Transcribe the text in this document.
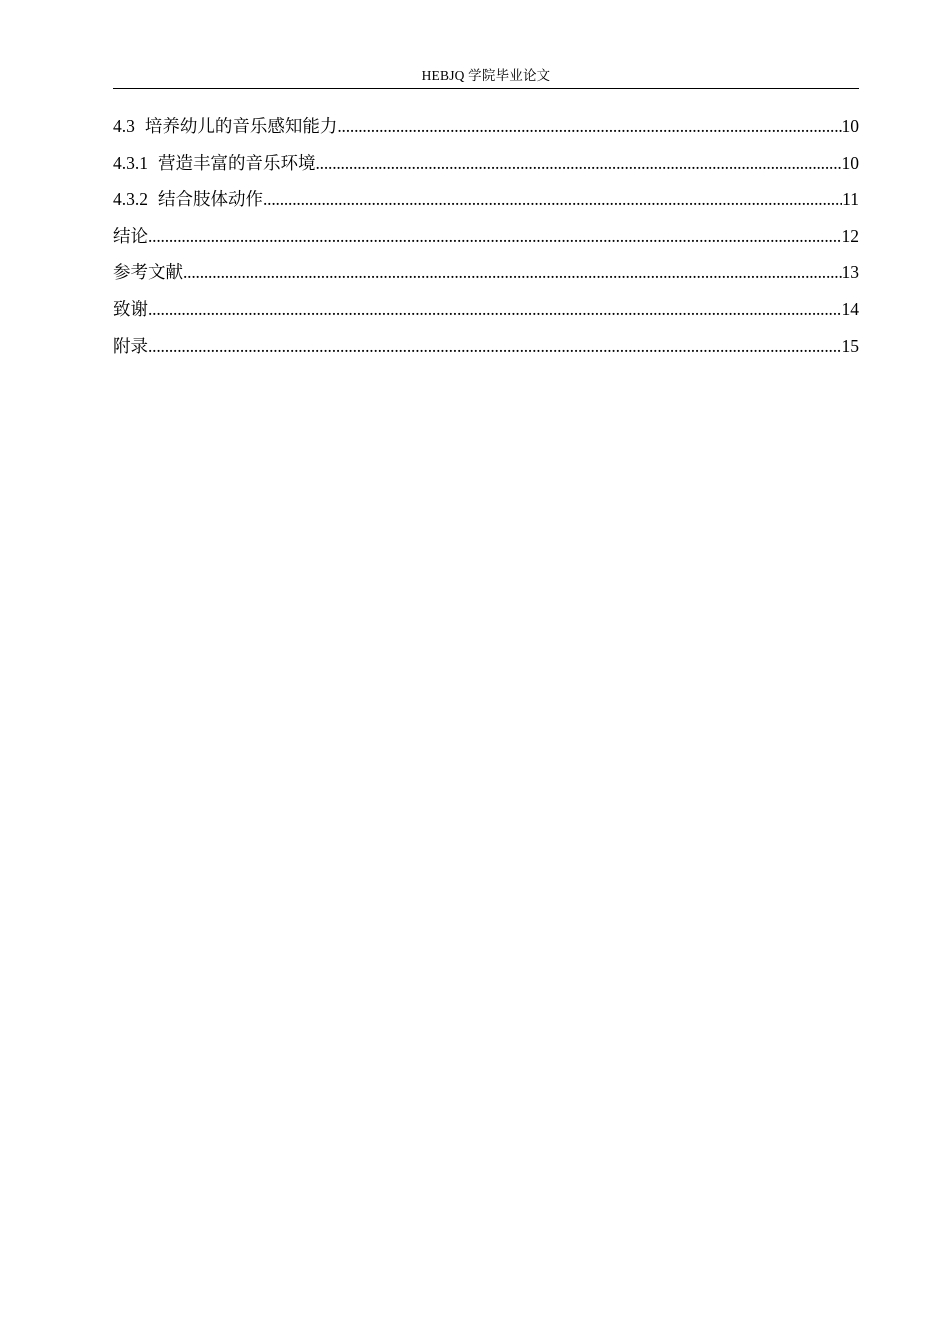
HEBJQ 学院毕业论文
4.3 培养幼儿的音乐感知能力 .....	10
4.3.1 营造丰富的音乐环境 .....	10
4.3.2 结合肢体动作 .....	11
结论 .....	12
参考文献 .....	13
致谢 .....	14
附录 .....	15
